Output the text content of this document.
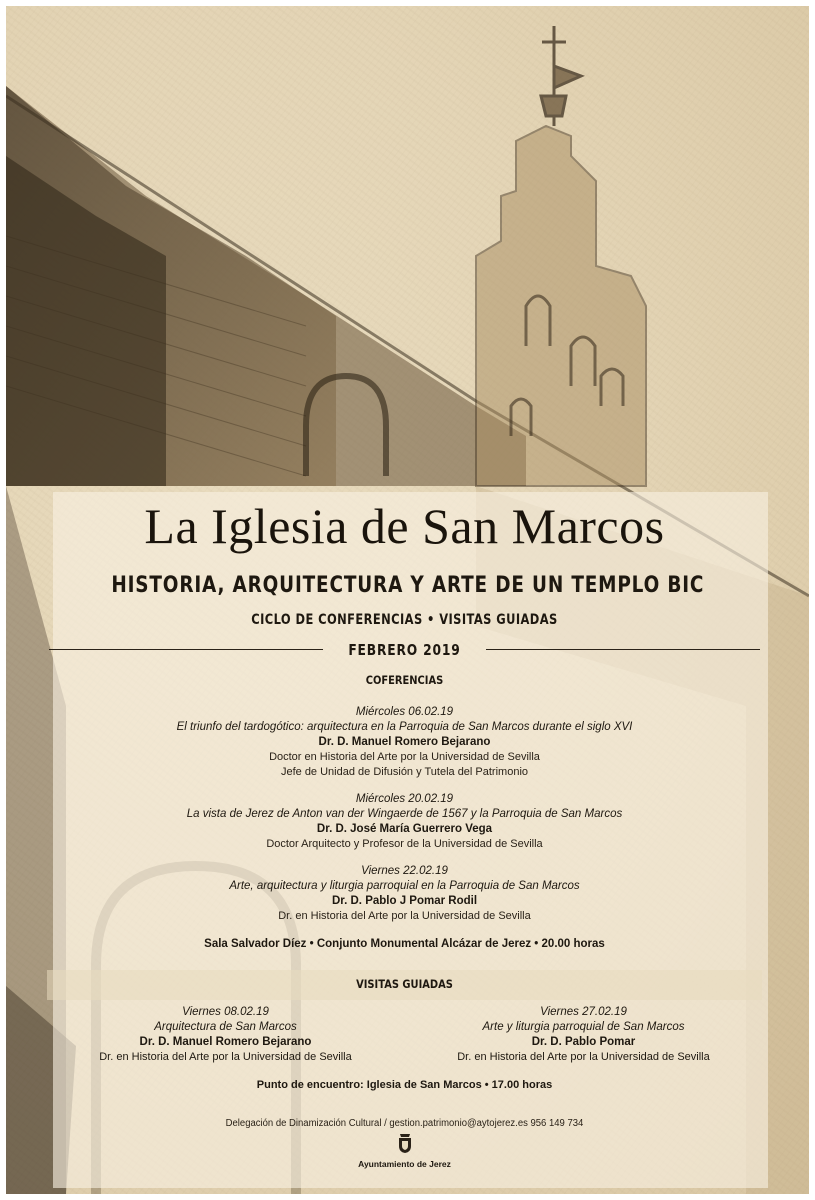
La Iglesia de San Marcos
HISTORIA, ARQUITECTURA Y ARTE DE UN TEMPLO BIC
CICLO DE CONFERENCIAS • VISITAS GUIADAS
FEBRERO 2019
COFERENCIAS
Miércoles 06.02.19
El triunfo del tardogótico: arquitectura en la Parroquia de San Marcos durante el siglo XVI
Dr. D. Manuel Romero Bejarano
Doctor en Historia del Arte por la Universidad de Sevilla
Jefe de Unidad de Difusión y Tutela del Patrimonio
Miércoles 20.02.19
La vista de Jerez de Anton van der Wingaerde de 1567 y la Parroquia de San Marcos
Dr. D. José María Guerrero Vega
Doctor Arquitecto y Profesor de la Universidad de Sevilla
Viernes 22.02.19
Arte, arquitectura y liturgia parroquial en la Parroquia de San Marcos
Dr. D. Pablo J Pomar Rodil
Dr. en Historia del Arte por la Universidad de Sevilla
Sala Salvador Díez • Conjunto Monumental Alcázar de Jerez • 20.00 horas
VISITAS GUIADAS
Viernes 08.02.19
Arquitectura de San Marcos
Dr. D. Manuel Romero Bejarano
Dr. en Historia del Arte por la Universidad de Sevilla
Viernes 27.02.19
Arte y liturgia parroquial de San Marcos
Dr. D. Pablo Pomar
Dr. en Historia del Arte por la Universidad de Sevilla
Punto de encuentro: Iglesia de San Marcos • 17.00 horas
Delegación de Dinamización Cultural / gestion.patrimonio@aytojerez.es 956 149 734
Ayuntamiento de Jerez
